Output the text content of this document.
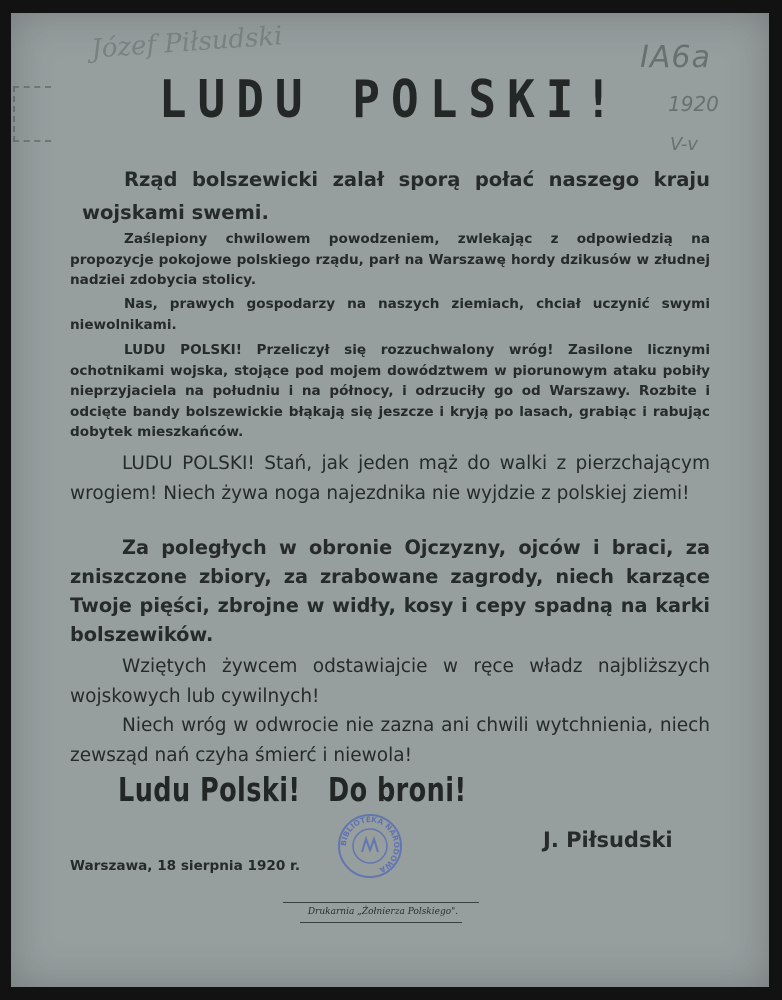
Józef Piłsudski	IA6a
1920
V-v
LUDU POLSKI!

Rząd bolszewicki zalał sporą połać naszego kraju wojskami swemi.

Zaślepiony chwilowem powodzeniem, zwlekając z odpowiedzią na propozycje pokojowe polskiego rządu, parł na Warszawę hordy dzikusów w złudnej nadziei zdobycia stolicy.

Nas, prawych gospodarzy na naszych ziemiach, chciał uczynić swymi niewolnikami.

LUDU POLSKI! Przeliczył się rozzuchwalony wróg! Zasilone licznymi ochotnikami wojska, stojące pod mojem dowództwem w piorunowym ataku pobiły nieprzyjaciela na południu i na północy, i odrzuciły go od Warszawy. Rozbite i odcięte bandy bolszewickie błąkają się jeszcze i kryją po lasach, grabiąc i rabując dobytek mieszkańców.

LUDU POLSKI! Stań, jak jeden mąż do walki z pierzchającym wrogiem! Niech żywa noga najezdnika nie wyjdzie z polskiej ziemi!

Za poległych w obronie Ojczyzny, ojców i braci, za zniszczone zbiory, za zrabowane zagrody, niech karzące Twoje pięści, zbrojne w widły, kosy i cepy spadną na karki bolszewików.

Wziętych żywcem odstawiajcie w ręce władz najbliższych wojskowych lub cywilnych!

Niech wróg w odwrocie nie zazna ani chwili wytchnienia, niech zewsząd nań czyha śmierć i niewola!

Ludu Polski! Do broni!

BIBLIOTEKA NARODOWA

J. Piłsudski

Warszawa, 18 sierpnia 1920 r.

Drukarnia „Żołnierza Polskiego".
